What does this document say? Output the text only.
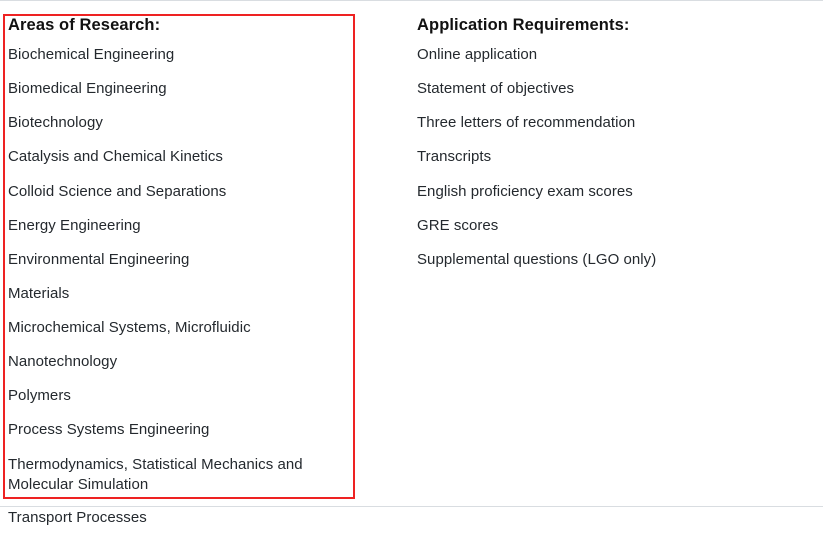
Areas of Research:
Biochemical Engineering
Biomedical Engineering
Biotechnology
Catalysis and Chemical Kinetics
Colloid Science and Separations
Energy Engineering
Environmental Engineering
Materials
Microchemical Systems, Microfluidic
Nanotechnology
Polymers
Process Systems Engineering
Thermodynamics, Statistical Mechanics and Molecular Simulation
Transport Processes
Application Requirements:
Online application
Statement of objectives
Three letters of recommendation
Transcripts
English proficiency exam scores
GRE scores
Supplemental questions (LGO only)
